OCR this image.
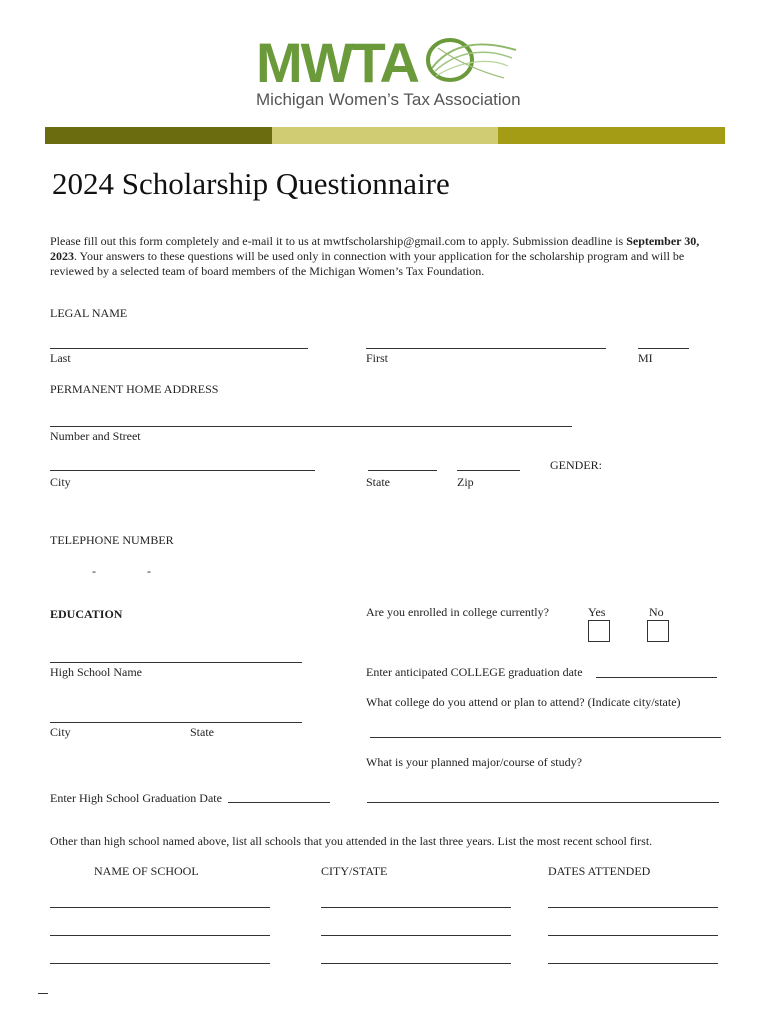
MWTA
Michigan Women’s Tax Association
2024 Scholarship Questionnaire
Please fill out this form completely and e-mail it to us at mwtfscholarship@gmail.com to apply. Submission deadline is September 30, 2023. Your answers to these questions will be used only in connection with your application for the scholarship program and will be reviewed by a selected team of board members of the Michigan Women’s Tax Foundation.
LEGAL NAME
Last	First	MI
PERMANENT HOME ADDRESS
Number and Street
GENDER:
City	State	Zip
TELEPHONE NUMBER
-	-
EDUCATION	Are you enrolled in college currently?	Yes	No
High School Name	Enter anticipated COLLEGE graduation date
What college do you attend or plan to attend? (Indicate city/state)
City	State
What is your planned major/course of study?
Enter High School Graduation Date
Other than high school named above, list all schools that you attended in the last three years. List the most recent school first.
NAME OF SCHOOL	CITY/STATE	DATES ATTENDED
